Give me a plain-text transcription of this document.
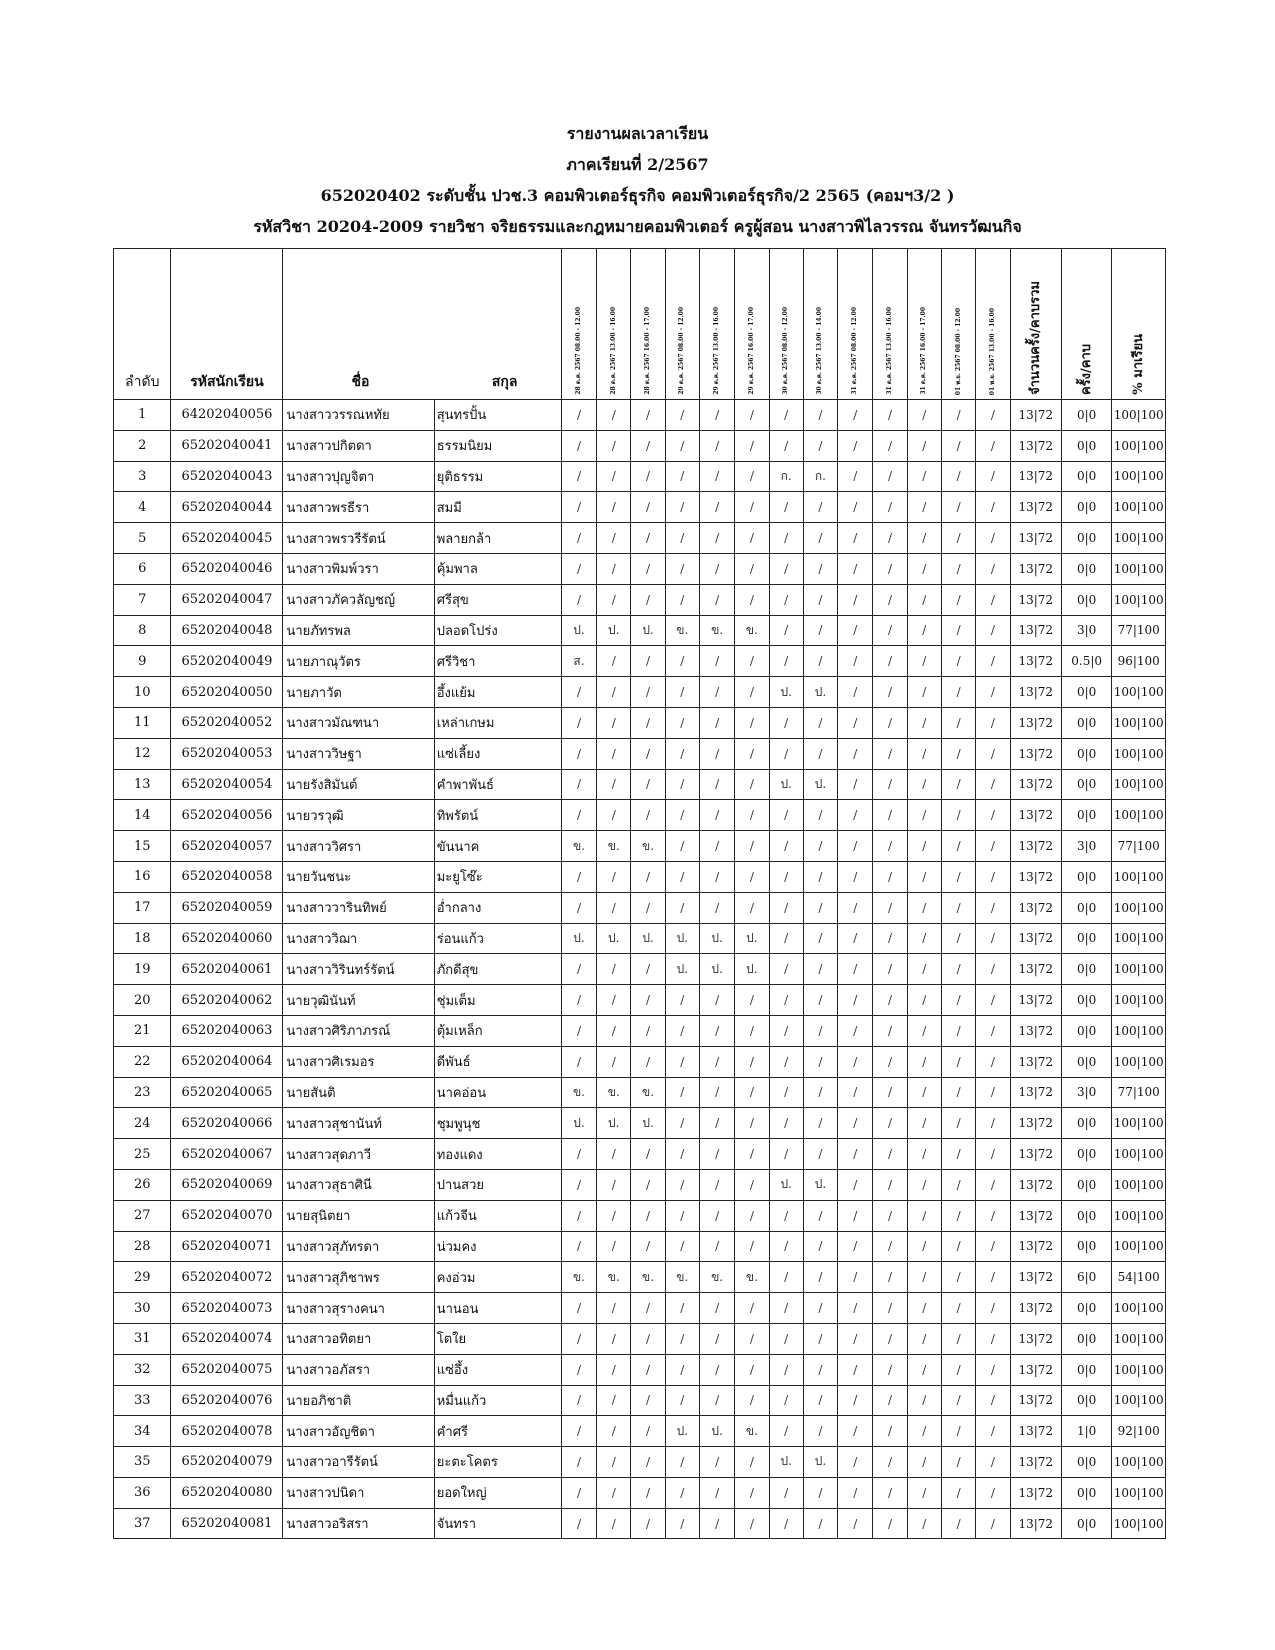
รายงานผลเวลาเรียน
ภาคเรียนที่ 2/2567
652020402 ระดับชั้น ปวช.3 คอมพิวเตอร์ธุรกิจ คอมพิวเตอร์ธุรกิจ/2 2565 (คอมฯ3/2 )
รหัสวิชา 20204-2009 รายวิชา จริยธรรมและกฎหมายคอมพิวเตอร์ ครูผู้สอน นางสาวพิไลวรรณ จันทรวัฒนกิจ
ลำดับ	รหัสนักเรียน	ชื่อ สกุล		28 ต.ค. 2567 08.00 - 12.00	28 ต.ค. 2567 13.00 - 16.00	28 ต.ค. 2567 16.00 - 17.00	29 ต.ค. 2567 08.00 - 12.00	29 ต.ค. 2567 13.00 - 16.00	29 ต.ค. 2567 16.00 - 17.00	30 ต.ค. 2567 08.00 - 12.00	30 ต.ค. 2567 13.00 - 14.00	31 ต.ค. 2567 08.00 - 12.00	31 ต.ค. 2567 13.00 - 16.00	31 ต.ค. 2567 16.00 - 17.00	01 พ.ย. 2567 08.00 - 12.00	01 พ.ย. 2567 13.00 - 16.00	จำนวนครั้ง/คาบรวม	ครั้ง/คาบ	% มาเรียน

1	64202040056	นางสาววรรณหทัย	สุนทรปั้น	/	/	/	/	/	/	/	/	/	/	/	/	/	13|72	0|0	100|100
2	65202040041	นางสาวปกิตดา	ธรรมนิยม	/	/	/	/	/	/	/	/	/	/	/	/	/	13|72	0|0	100|100
3	65202040043	นางสาวปุญจิตา	ยุติธรรม	/	/	/	/	/	/	ก.	ก.	/	/	/	/	/	13|72	0|0	100|100
4	65202040044	นางสาวพรธีรา	สมมี	/	/	/	/	/	/	/	/	/	/	/	/	/	13|72	0|0	100|100
5	65202040045	นางสาวพรวรีรัตน์	พลายกล้า	/	/	/	/	/	/	/	/	/	/	/	/	/	13|72	0|0	100|100
6	65202040046	นางสาวพิมพ์วรา	คุ้มพาล	/	/	/	/	/	/	/	/	/	/	/	/	/	13|72	0|0	100|100
7	65202040047	นางสาวภัควลัญชญ์	ศรีสุข	/	/	/	/	/	/	/	/	/	/	/	/	/	13|72	0|0	100|100
8	65202040048	นายภัทรพล	ปลอดโปร่ง	ป.	ป.	ป.	ข.	ข.	ข.	/	/	/	/	/	/	/	13|72	3|0	77|100
9	65202040049	นายภาณุวัตร	ศรีวิชา	ส.	/	/	/	/	/	/	/	/	/	/	/	/	13|72	0.5|0	96|100
10	65202040050	นายภาวัต	อึ้งแย้ม	/	/	/	/	/	/	ป.	ป.	/	/	/	/	/	13|72	0|0	100|100
11	65202040052	นางสาวมัณฑนา	เหล่าเกษม	/	/	/	/	/	/	/	/	/	/	/	/	/	13|72	0|0	100|100
12	65202040053	นางสาววิษฐา	แซ่เลี้ยง	/	/	/	/	/	/	/	/	/	/	/	/	/	13|72	0|0	100|100
13	65202040054	นายรังสิมันต์	คำพาพันธ์	/	/	/	/	/	/	ป.	ป.	/	/	/	/	/	13|72	0|0	100|100
14	65202040056	นายวรวุฒิ	ทิพรัตน์	/	/	/	/	/	/	/	/	/	/	/	/	/	13|72	0|0	100|100
15	65202040057	นางสาววิศรา	ขันนาค	ข.	ข.	ข.	/	/	/	/	/	/	/	/	/	/	13|72	3|0	77|100
16	65202040058	นายวันชนะ	มะยูโซ๊ะ	/	/	/	/	/	/	/	/	/	/	/	/	/	13|72	0|0	100|100
17	65202040059	นางสาววารินทิพย์	อ่ำกลาง	/	/	/	/	/	/	/	/	/	/	/	/	/	13|72	0|0	100|100
18	65202040060	นางสาววิฌา	ร่อนแก้ว	ป.	ป.	ป.	ป.	ป.	ป.	/	/	/	/	/	/	/	13|72	0|0	100|100
19	65202040061	นางสาววิรินทร์รัตน์	ภักดีสุข	/	/	/	ป.	ป.	ป.	/	/	/	/	/	/	/	13|72	0|0	100|100
20	65202040062	นายวุฒินันท์	ชุ่มเต็ม	/	/	/	/	/	/	/	/	/	/	/	/	/	13|72	0|0	100|100
21	65202040063	นางสาวศิริภาภรณ์	ตุ้มเหล็ก	/	/	/	/	/	/	/	/	/	/	/	/	/	13|72	0|0	100|100
22	65202040064	นางสาวศิเรมอร	ดีพันธ์	/	/	/	/	/	/	/	/	/	/	/	/	/	13|72	0|0	100|100
23	65202040065	นายสันติ	นาคอ่อน	ข.	ข.	ข.	/	/	/	/	/	/	/	/	/	/	13|72	3|0	77|100
24	65202040066	นางสาวสุชานันท์	ชุมพูนุช	ป.	ป.	ป.	/	/	/	/	/	/	/	/	/	/	13|72	0|0	100|100
25	65202040067	นางสาวสุดภาวี	ทองแดง	/	/	/	/	/	/	/	/	/	/	/	/	/	13|72	0|0	100|100
26	65202040069	นางสาวสุธาศินี	ปานสวย	/	/	/	/	/	/	ป.	ป.	/	/	/	/	/	13|72	0|0	100|100
27	65202040070	นายสุนิตยา	แก้วจีน	/	/	/	/	/	/	/	/	/	/	/	/	/	13|72	0|0	100|100
28	65202040071	นางสาวสุภัทรดา	น่วมคง	/	/	/	/	/	/	/	/	/	/	/	/	/	13|72	0|0	100|100
29	65202040072	นางสาวสุภิชาพร	คงอ่วม	ข.	ข.	ข.	ข.	ข.	ข.	/	/	/	/	/	/	/	13|72	6|0	54|100
30	65202040073	นางสาวสุรางคนา	นานอน	/	/	/	/	/	/	/	/	/	/	/	/	/	13|72	0|0	100|100
31	65202040074	นางสาวอทิตยา	โตใย	/	/	/	/	/	/	/	/	/	/	/	/	/	13|72	0|0	100|100
32	65202040075	นางสาวอภัสรา	แซ่อึ้ง	/	/	/	/	/	/	/	/	/	/	/	/	/	13|72	0|0	100|100
33	65202040076	นายอภิชาติ	หมื่นแก้ว	/	/	/	/	/	/	/	/	/	/	/	/	/	13|72	0|0	100|100
34	65202040078	นางสาวอัญชิดา	คำศรี	/	/	/	ป.	ป.	ข.	/	/	/	/	/	/	/	13|72	1|0	92|100
35	65202040079	นางสาวอารีรัตน์	ยะตะโคตร	/	/	/	/	/	/	ป.	ป.	/	/	/	/	/	13|72	0|0	100|100
36	65202040080	นางสาวปนิดา	ยอดใหญ่	/	/	/	/	/	/	/	/	/	/	/	/	/	13|72	0|0	100|100
37	65202040081	นางสาวอริสรา	จันทรา	/	/	/	/	/	/	/	/	/	/	/	/	/	13|72	0|0	100|100
